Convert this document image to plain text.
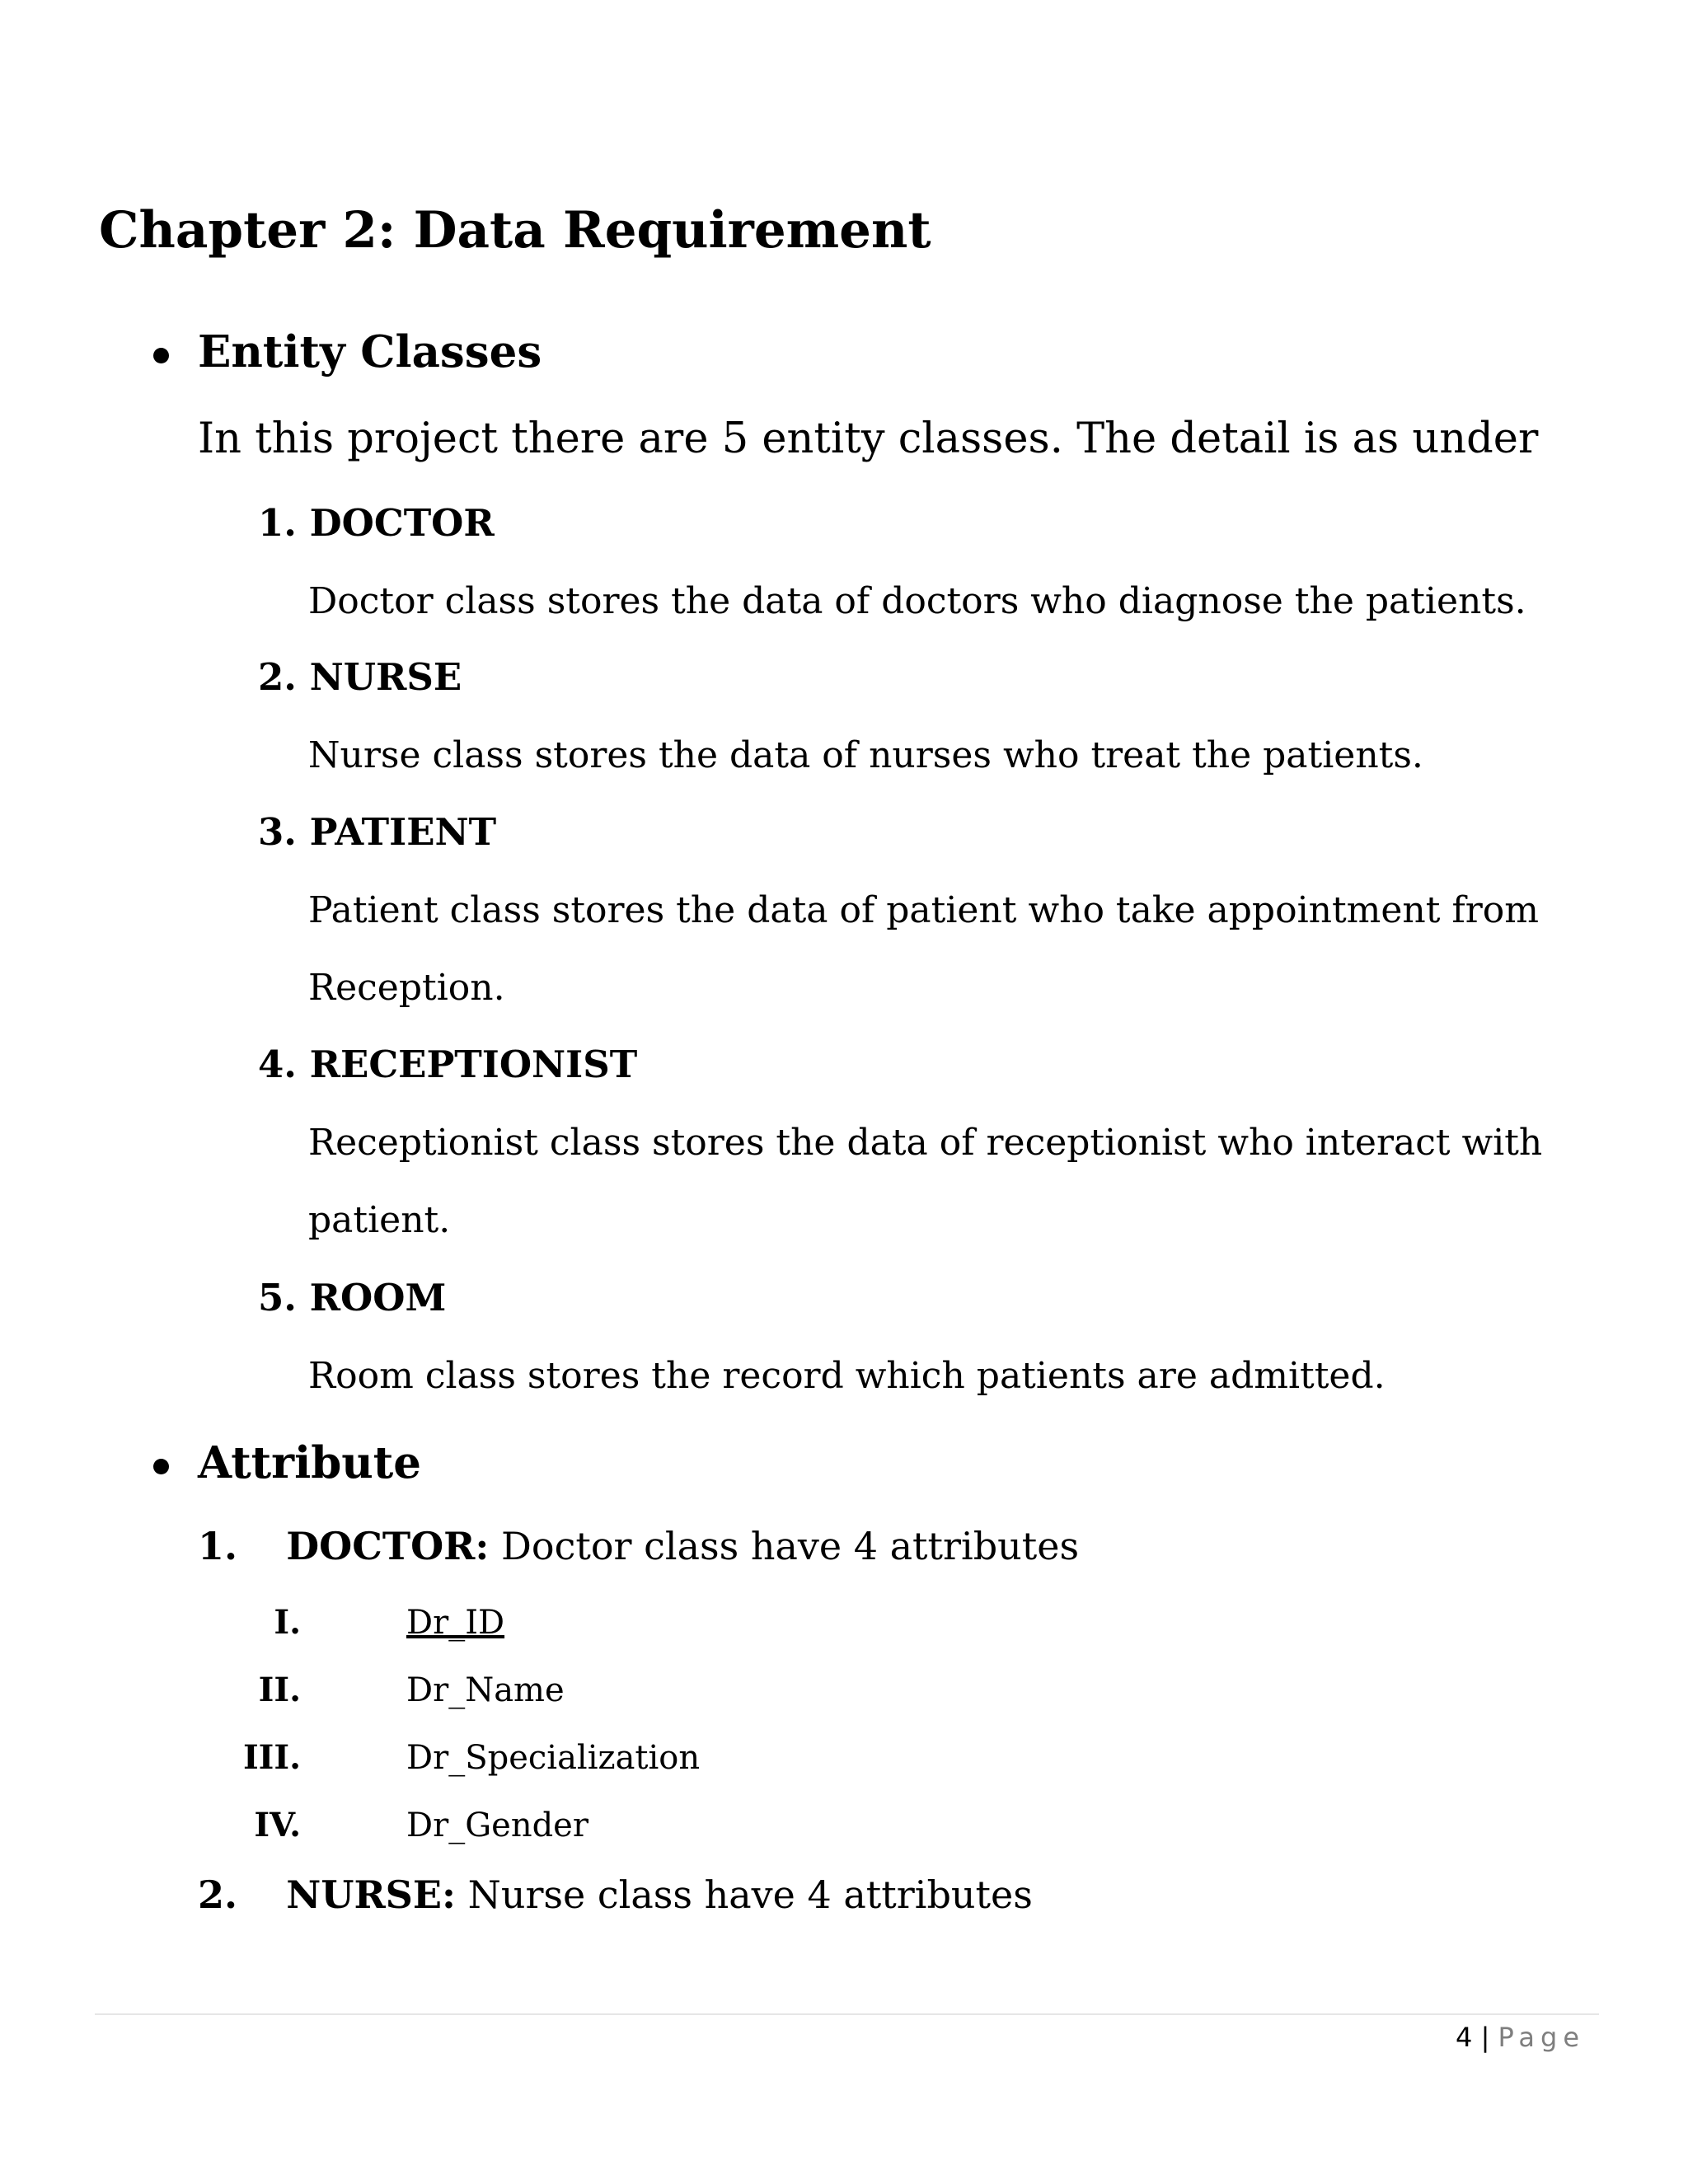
Chapter 2: Data Requirement
Entity Classes
In this project there are 5 entity classes. The detail is as under
1. DOCTOR
Doctor class stores the data of doctors who diagnose the patients.
2. NURSE
Nurse class stores the data of nurses who treat the patients.
3. PATIENT
Patient class stores the data of patient who take appointment from
Reception.
4. RECEPTIONIST
Receptionist class stores the data of receptionist who interact with
patient.
5. ROOM
Room class stores the record which patients are admitted.
Attribute
1. DOCTOR: Doctor class have 4 attributes
I.	Dr_ID
II.	Dr_Name
III.	Dr_Specialization
IV.	Dr_Gender
2. NURSE: Nurse class have 4 attributes
4 | Page
